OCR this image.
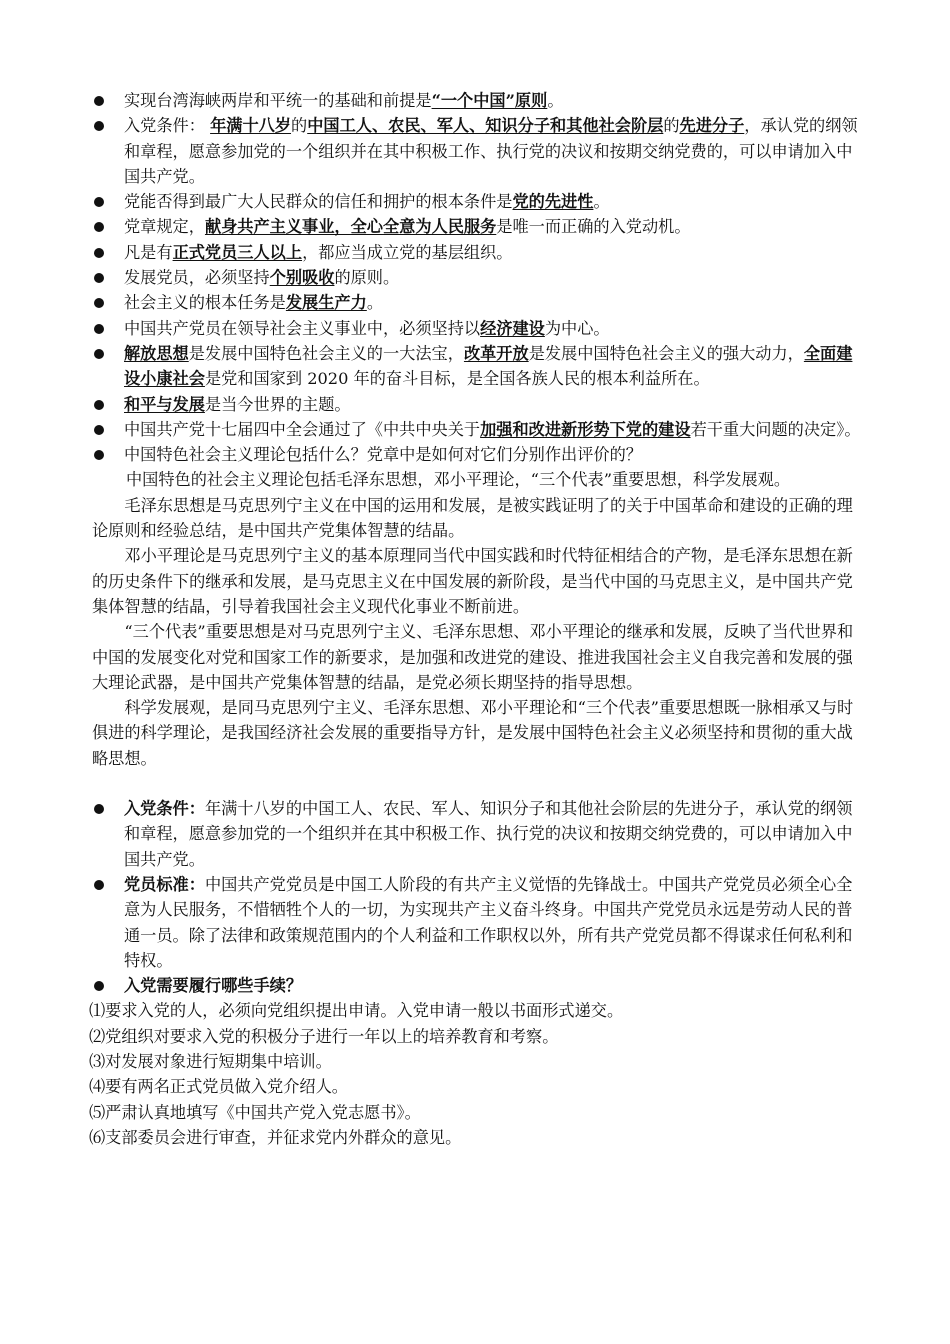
实现台湾海峡两岸和平统一的基础和前提是“一个中国”原则。

入党条件： 年满十八岁的中国工人、农民、军人、知识分子和其他社会阶层的先进分子，承认党的纲领和章程，愿意参加党的一个组织并在其中积极工作、执行党的决议和按期交纳党费的，可以申请加入中国共产党。

党能否得到最广大人民群众的信任和拥护的根本条件是党的先进性。

党章规定，献身共产主义事业，全心全意为人民服务是唯一而正确的入党动机。

凡是有正式党员三人以上，都应当成立党的基层组织。

发展党员，必须坚持个别吸收的原则。

社会主义的根本任务是发展生产力。

中国共产党员在领导社会主义事业中，必须坚持以经济建设为中心。

解放思想是发展中国特色社会主义的一大法宝，改革开放是发展中国特色社会主义的强大动力，全面建设小康社会是党和国家到 2020 年的奋斗目标，是全国各族人民的根本利益所在。

和平与发展是当今世界的主题。

中国共产党十七届四中全会通过了《中共中央关于加强和改进新形势下党的建设若干重大问题的决定》。

中国特色社会主义理论包括什么？党章中是如何对它们分别作出评价的？

中国特色的社会主义理论包括毛泽东思想，邓小平理论，“三个代表”重要思想，科学发展观。

毛泽东思想是马克思列宁主义在中国的运用和发展，是被实践证明了的关于中国革命和建设的正确的理论原则和经验总结，是中国共产党集体智慧的结晶。

邓小平理论是马克思列宁主义的基本原理同当代中国实践和时代特征相结合的产物，是毛泽东思想在新的历史条件下的继承和发展，是马克思主义在中国发展的新阶段，是当代中国的马克思主义，是中国共产党集体智慧的结晶，引导着我国社会主义现代化事业不断前进。

“三个代表”重要思想是对马克思列宁主义、毛泽东思想、邓小平理论的继承和发展，反映了当代世界和中国的发展变化对党和国家工作的新要求，是加强和改进党的建设、推进我国社会主义自我完善和发展的强大理论武器，是中国共产党集体智慧的结晶，是党必须长期坚持的指导思想。

科学发展观，是同马克思列宁主义、毛泽东思想、邓小平理论和“三个代表”重要思想既一脉相承又与时俱进的科学理论，是我国经济社会发展的重要指导方针，是发展中国特色社会主义必须坚持和贯彻的重大战略思想。

入党条件：年满十八岁的中国工人、农民、军人、知识分子和其他社会阶层的先进分子，承认党的纲领和章程，愿意参加党的一个组织并在其中积极工作、执行党的决议和按期交纳党费的，可以申请加入中国共产党。

党员标准：中国共产党党员是中国工人阶段的有共产主义觉悟的先锋战士。中国共产党党员必须全心全意为人民服务，不惜牺牲个人的一切，为实现共产主义奋斗终身。中国共产党党员永远是劳动人民的普通一员。除了法律和政策规范围内的个人利益和工作职权以外，所有共产党党员都不得谋求任何私利和特权。

入党需要履行哪些手续？

⑴要求入党的人，必须向党组织提出申请。入党申请一般以书面形式递交。

⑵党组织对要求入党的积极分子进行一年以上的培养教育和考察。

⑶对发展对象进行短期集中培训。

⑷要有两名正式党员做入党介绍人。

⑸严肃认真地填写《中国共产党入党志愿书》。

⑹支部委员会进行审查，并征求党内外群众的意见。
